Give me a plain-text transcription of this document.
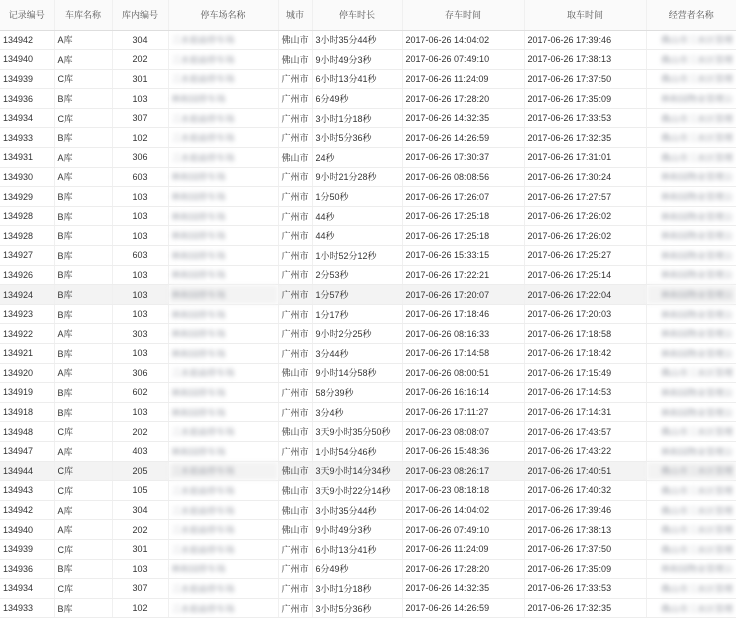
记录编号	车库名称	库内编号	停车场名称	城市	停车时长	存车时间	取车时间	经营者名称
134942	A库	304	三水祖庙停车场	佛山市	3小时35分44秒	2017-06-26 14:04:02	2017-06-26 17:39:46	佛山市三水区管理
134940	A库	202	三水祖庙停车场	佛山市	9小时49分3秒	2017-06-26 07:49:10	2017-06-26 17:38:13	佛山市三水区管理
134939	C库	301	三水祖庙停车场	广州市	6小时13分41秒	2017-06-26 11:24:09	2017-06-26 17:37:50	佛山市三水区管理
134936	B库	103	林和园停车场	广州市	6分49秒	2017-06-26 17:28:20	2017-06-26 17:35:09	林和园物业管理公
134934	C库	307	三水祖庙停车场	广州市	3小时1分18秒	2017-06-26 14:32:35	2017-06-26 17:33:53	佛山市三水区管理
134933	B库	102	三水祖庙停车场	广州市	3小时5分36秒	2017-06-26 14:26:59	2017-06-26 17:32:35	佛山市三水区管理
134931	A库	306	三水祖庙停车场	佛山市	24秒	2017-06-26 17:30:37	2017-06-26 17:31:01	佛山市三水区管理
134930	A库	603	林和园停车场	广州市	9小时21分28秒	2017-06-26 08:08:56	2017-06-26 17:30:24	林和园物业管理公
134929	B库	103	林和园停车场	广州市	1分50秒	2017-06-26 17:26:07	2017-06-26 17:27:57	林和园物业管理公
134928	B库	103	林和园停车场	广州市	44秒	2017-06-26 17:25:18	2017-06-26 17:26:02	林和园物业管理公
134928	B库	103	林和园停车场	广州市	44秒	2017-06-26 17:25:18	2017-06-26 17:26:02	林和园物业管理公
134927	B库	603	林和园停车场	广州市	1小时52分12秒	2017-06-26 15:33:15	2017-06-26 17:25:27	林和园物业管理公
134926	B库	103	林和园停车场	广州市	2分53秒	2017-06-26 17:22:21	2017-06-26 17:25:14	林和园物业管理公
134924	B库	103	林和园停车场	广州市	1分57秒	2017-06-26 17:20:07	2017-06-26 17:22:04	林和园物业管理公
134923	B库	103	林和园停车场	广州市	1分17秒	2017-06-26 17:18:46	2017-06-26 17:20:03	林和园物业管理公
134922	A库	303	林和园停车场	广州市	9小时2分25秒	2017-06-26 08:16:33	2017-06-26 17:18:58	林和园物业管理公
134921	B库	103	林和园停车场	广州市	3分44秒	2017-06-26 17:14:58	2017-06-26 17:18:42	林和园物业管理公
134920	A库	306	三水祖庙停车场	佛山市	9小时14分58秒	2017-06-26 08:00:51	2017-06-26 17:15:49	佛山市三水区管理
134919	B库	602	林和园停车场	广州市	58分39秒	2017-06-26 16:16:14	2017-06-26 17:14:53	林和园物业管理公
134918	B库	103	林和园停车场	广州市	3分4秒	2017-06-26 17:11:27	2017-06-26 17:14:31	林和园物业管理公
134948	C库	202	三水祖庙停车场	佛山市	3天9小时35分50秒	2017-06-23 08:08:07	2017-06-26 17:43:57	佛山市三水区管理
134947	A库	403	林和园停车场	广州市	1小时54分46秒	2017-06-26 15:48:36	2017-06-26 17:43:22	林和园物业管理公
134944	C库	205	三水祖庙停车场	佛山市	3天9小时14分34秒	2017-06-23 08:26:17	2017-06-26 17:40:51	佛山市三水区管理
134943	C库	105	三水祖庙停车场	佛山市	3天9小时22分14秒	2017-06-23 08:18:18	2017-06-26 17:40:32	佛山市三水区管理
134942	A库	304	三水祖庙停车场	佛山市	3小时35分44秒	2017-06-26 14:04:02	2017-06-26 17:39:46	佛山市三水区管理
134940	A库	202	三水祖庙停车场	佛山市	9小时49分3秒	2017-06-26 07:49:10	2017-06-26 17:38:13	佛山市三水区管理
134939	C库	301	三水祖庙停车场	广州市	6小时13分41秒	2017-06-26 11:24:09	2017-06-26 17:37:50	佛山市三水区管理
134936	B库	103	林和园停车场	广州市	6分49秒	2017-06-26 17:28:20	2017-06-26 17:35:09	林和园物业管理公
134934	C库	307	三水祖庙停车场	广州市	3小时1分18秒	2017-06-26 14:32:35	2017-06-26 17:33:53	佛山市三水区管理
134933	B库	102	三水祖庙停车场	广州市	3小时5分36秒	2017-06-26 14:26:59	2017-06-26 17:32:35	佛山市三水区管理
